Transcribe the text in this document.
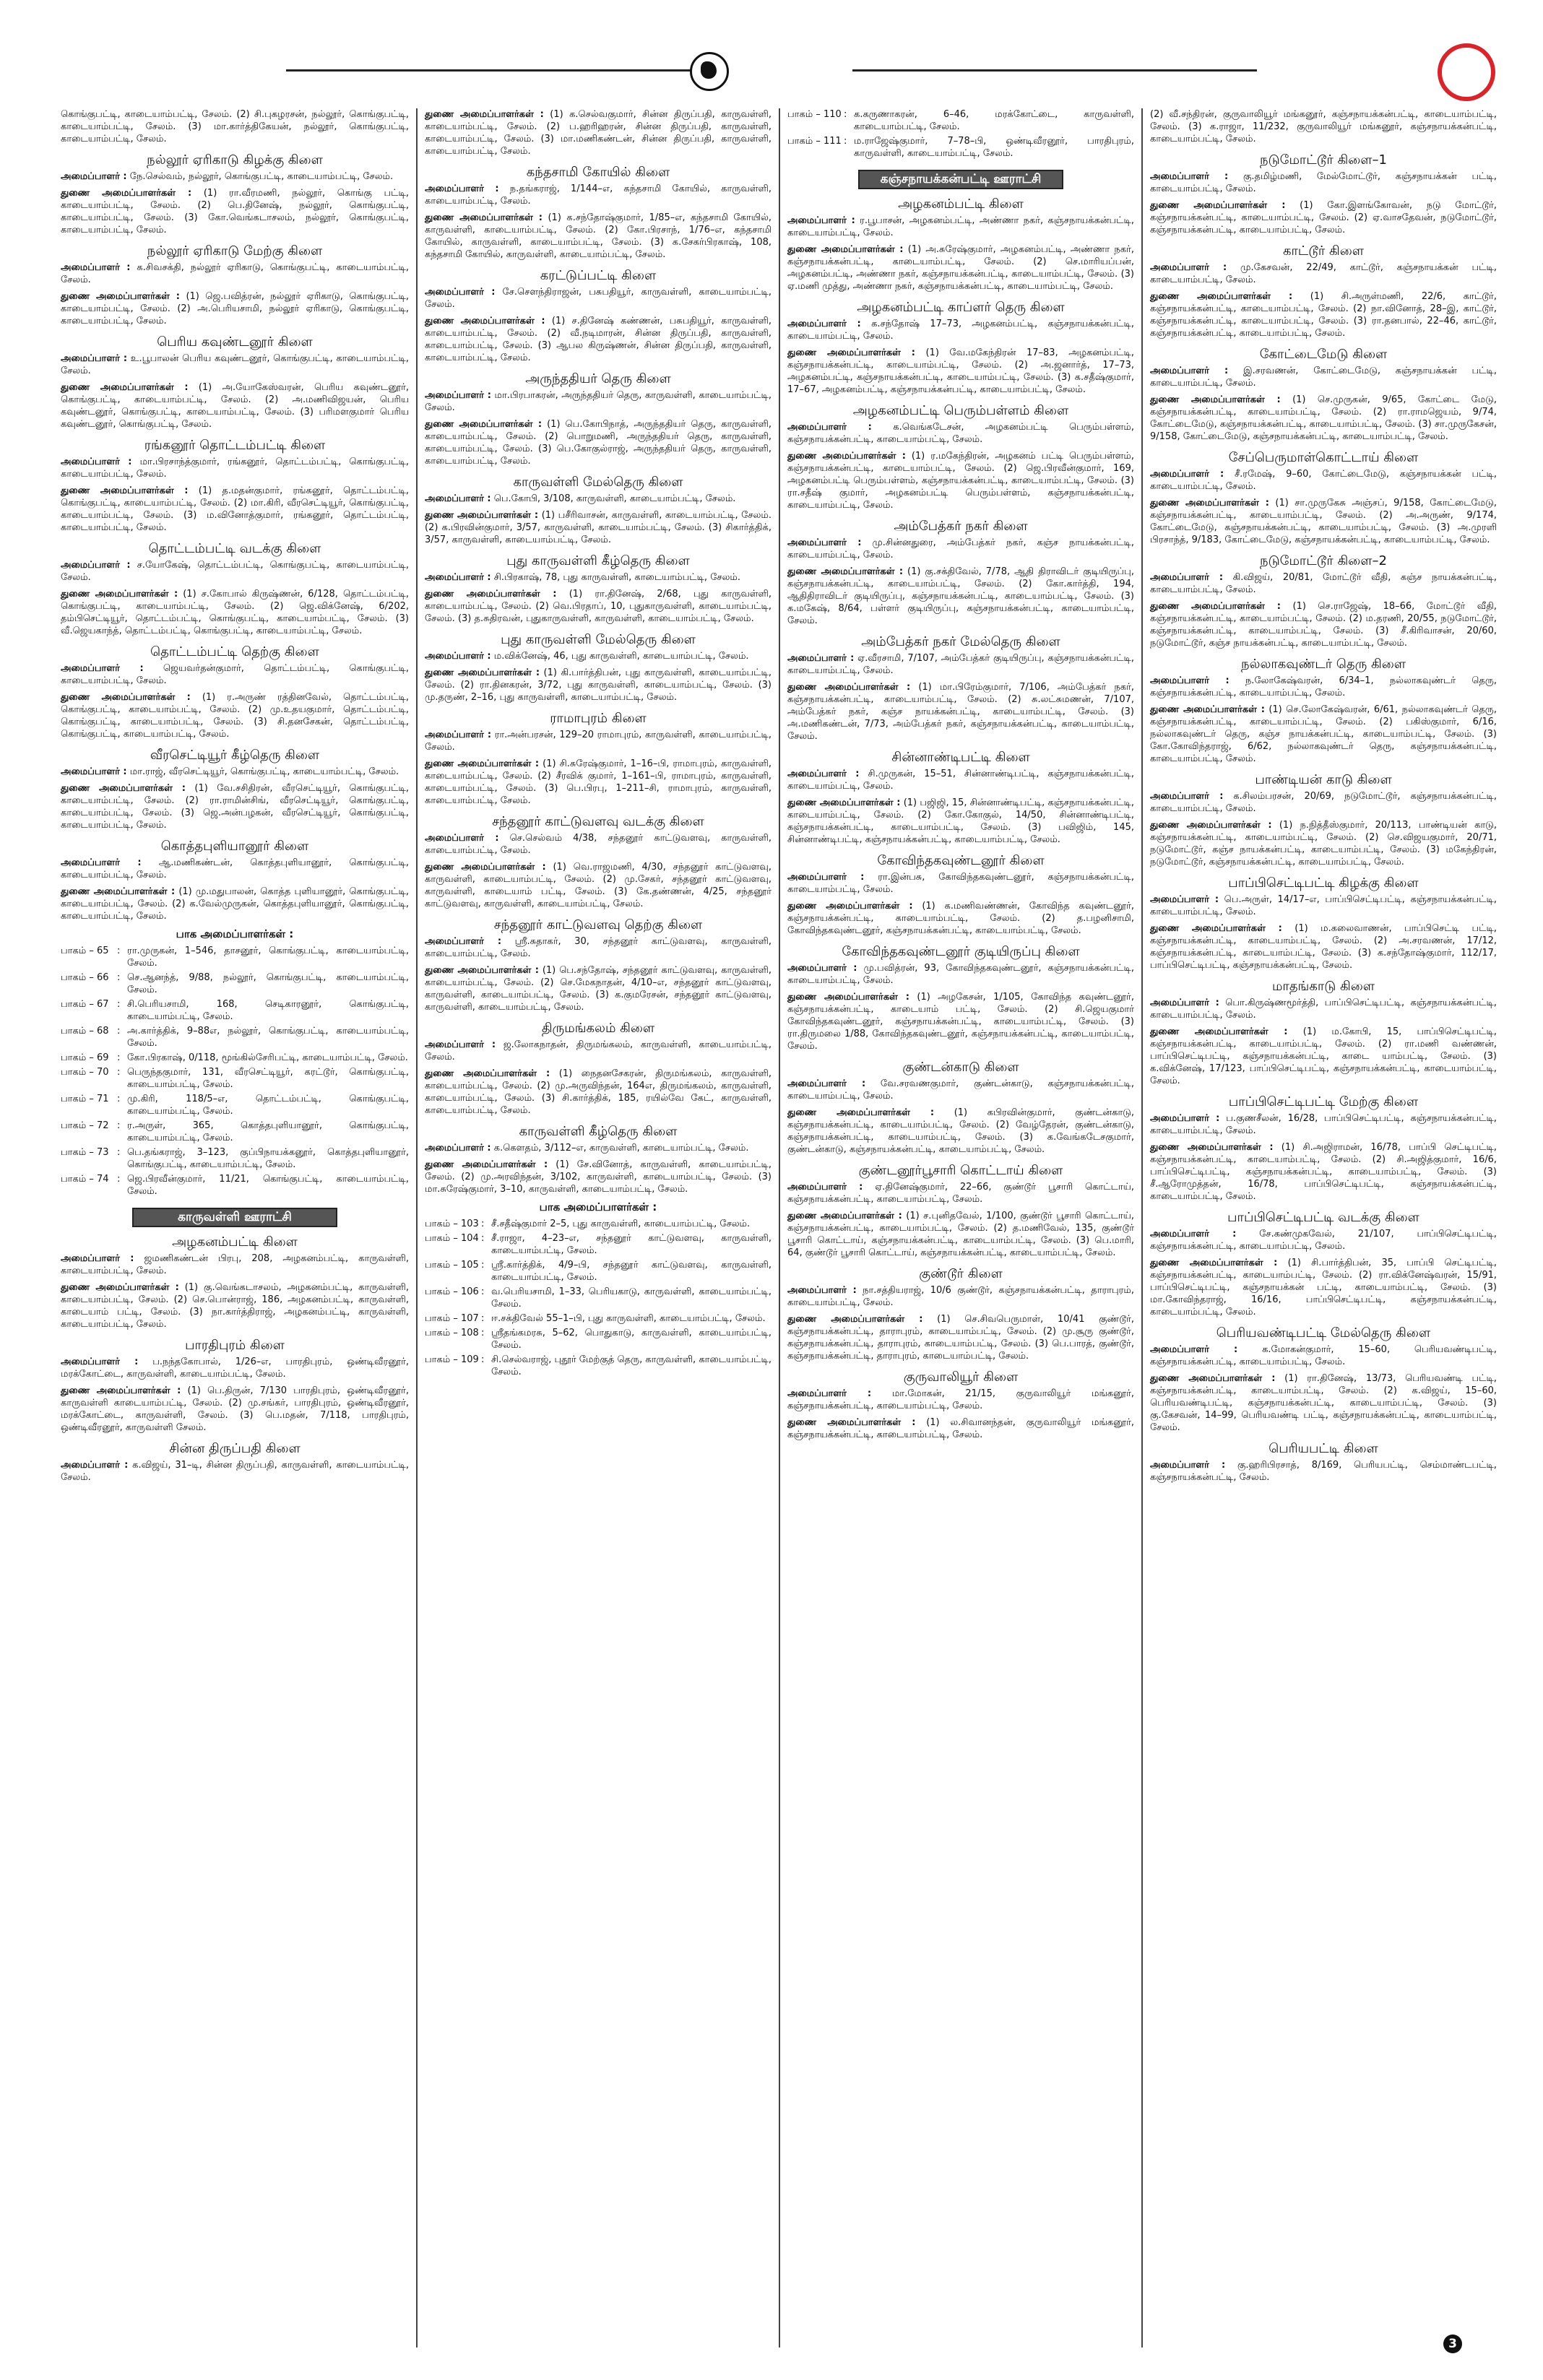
கொங்குபட்டி, காடையாம்பட்டி, சேலம். (2) சி.புகழரசன், நல்லூர், கொங்குபட்டி, காடையாம்பட்டி, சேலம். (3) மா.கார்த்திகேயன், நல்லூர், கொங்குபட்டி, காடையாம்பட்டி, சேலம்.

நல்லூர் ஏரிகாடு கிழக்கு கிளை

அமைப்பாளர் : நே.செல்வம், நல்லூர், கொங்குபட்டி, காடையாம்பட்டி, சேலம்.

துணை அமைப்பாளர்கள் : (1) ரா.வீரமணி, நல்லூர், கொங்கு பட்டி, காடையாம்பட்டி, சேலம். (2) பெ.தினேஷ், நல்லூர், கொங்குபட்டி, காடையாம்பட்டி, சேலம். (3) கோ.வெங்கடாசலம், நல்லூர், கொங்குபட்டி, காடையாம்பட்டி, சேலம்.

நல்லூர் ஏரிகாடு மேற்கு கிளை

அமைப்பாளர் : க.சிவசக்தி, நல்லூர் ஏரிகாடு, கொங்குபட்டி, காடையாம்பட்டி, சேலம்.

துணை அமைப்பாளர்கள் : (1) ஜெ.பவித்ரன், நல்லூர் ஏரிகாடு, கொங்குபட்டி, காடையாம்பட்டி, சேலம். (2) அ.பெரியசாமி, நல்லூர் ஏரிகாடு, கொங்குபட்டி, காடையாம்பட்டி, சேலம்.

பெரிய கவுண்டனூர் கிளை

அமைப்பாளர் : உ.பூபாலன் பெரிய கவுண்டனூர், கொங்குபட்டி, காடையாம்பட்டி, சேலம்.

துணை அமைப்பாளர்கள் : (1) அ.யோகேஸ்வரன், பெரிய கவுண்டனூர், கொங்குபட்டி, காடையாம்பட்டி, சேலம். (2) அ.மணிவிஜயன், பெரிய கவுண்டனூர், கொங்குபட்டி, காடையாம்பட்டி, சேலம். (3) பரிமளகுமார் பெரிய கவுண்டனூர், கொங்குபட்டி, சேலம்.

ரங்கனூர் தொட்டம்பட்டி கிளை

அமைப்பாளர் : மா.பிரசாந்த்குமார், ரங்கனூர், தொட்டம்பட்டி, கொங்குபட்டி, காடையாம்பட்டி, சேலம்.

துணை அமைப்பாளர்கள் : (1) த.மதன்குமார், ரங்கனூர், தொட்டம்பட்டி, கொங்குபட்டி, காடையாம்பட்டி, சேலம். (2) மா.கிரி, வீரசெட்டியூர், கொங்குபட்டி, காடையாம்பட்டி, சேலம். (3) ம.வினோத்குமார், ரங்கனூர், தொட்டம்பட்டி, காடையாம்பட்டி, சேலம்.

தொட்டம்பட்டி வடக்கு கிளை

அமைப்பாளர் : ச.யோகேஷ், தொட்டம்பட்டி, கொங்குபட்டி, காடையாம்பட்டி, சேலம்.

துணை அமைப்பாளர்கள் : (1) ச.கோபால் கிருஷ்ணன், 6/128, தொட்டம்பட்டி, கொங்குபட்டி, காடையாம்பட்டி, சேலம். (2) ஜெ.விக்னேஷ், 6/202, தம்பிசெட்டியூர், தொட்டம்பட்டி, கொங்குபட்டி, காடையாம்பட்டி, சேலம். (3) வீ.ஜெயகாந்த், தொட்டம்பட்டி, கொங்குபட்டி, காடையாம்பட்டி, சேலம்.

தொட்டம்பட்டி தெற்கு கிளை

அமைப்பாளர் : ஜெயவர்தன்குமார், தொட்டம்பட்டி, கொங்குபட்டி, காடையாம்பட்டி, சேலம்.

துணை அமைப்பாளர்கள் : (1) ர.அருண் ரத்தினவேல், தொட்டம்பட்டி, கொங்குபட்டி, காடையாம்பட்டி, சேலம். (2) மு.உதயகுமார், தொட்டம்பட்டி, கொங்குபட்டி, காடையாம்பட்டி, சேலம். (3) சி.தனசேகன், தொட்டம்பட்டி, கொங்குபட்டி, காடையாம்பட்டி, சேலம்.

வீரசெட்டியூர் கீழ்தெரு கிளை

அமைப்பாளர் : மா.ராஜ், வீரசெட்டியூர், கொங்குபட்டி, காடையாம்பட்டி, சேலம்.

துணை அமைப்பாளர்கள் : (1) வே.சசிதிரன், வீரசெட்டியூர், கொங்குபட்டி, காடையாம்பட்டி, சேலம். (2) ரா.ராமின்சிங், வீரசெட்டியூர், கொங்குபட்டி, காடையாம்பட்டி, சேலம். (3) ஜெ.அன்பழகன், வீரசெட்டியூர், கொங்குபட்டி, காடையாம்பட்டி, சேலம்.

கொத்தபுளியானூர் கிளை

அமைப்பாளர் : ஆ.மணிகண்டன், கொத்தபுளியானூர், கொங்குபட்டி, காடையாம்பட்டி, சேலம்.

துணை அமைப்பாளர்கள் : (1) மு.மதுபாலன், கொத்த புளியானூர், கொங்குபட்டி, காடையாம்பட்டி, சேலம். (2) க.வேல்முருகன், கொத்தபுளியானூர், கொங்குபட்டி, காடையாம்பட்டி, சேலம்.

பாக அமைப்பாளர்கள் :
பாகம் – 65 : ரா.முருகன், 1–546, தாசனூர், கொங்குபட்டி, காடையாம்பட்டி, சேலம்.
பாகம் – 66 : செ.ஆனந்த், 9/88, நல்லூர், கொங்குபட்டி, காடையாம்பட்டி, சேலம்.
பாகம் – 67 : சி.பெரியசாமி, 168, செடிகாரனூர், கொங்குபட்டி, காடையாம்பட்டி, சேலம்.
பாகம் – 68 : அ.கார்த்திக், 9–88எ, நல்லூர், கொங்குபட்டி, காடையாம்பட்டி, சேலம்.
பாகம் – 69 : கோ.பிரகாஷ், 0/118, மூங்கில்சேரிபட்டி, காடையாம்பட்டி, சேலம்.
பாகம் – 70 : பெருந்தகுமார், 131, வீரசெட்டியூர், கரட்டூர், கொங்குபட்டி, காடையாம்பட்டி, சேலம்.
பாகம் – 71 : மு.கிரி, 118/5–எ, தொட்டம்பட்டி, கொங்குபட்டி, காடையாம்பட்டி, சேலம்.
பாகம் – 72 : ர.அருள், 365, கொத்தபுளியானூர், கொங்குபட்டி, காடையாம்பட்டி, சேலம்.
பாகம் – 73 : பெ.தங்கராஜ், 3–123, குப்பிநாயக்கனூர், கொத்தபுளியானூர், கொங்குபட்டி, காடையாம்பட்டி, சேலம்.
பாகம் – 74 : ஜெ.பிரவீன்குமார், 11/21, கொங்குபட்டி, காடையாம்பட்டி, சேலம்.
காருவள்ளி ஊராட்சி
அழகனம்பட்டி கிளை

அமைப்பாளர் : ஜமணிகண்டன் பிரபு, 208, அழகனம்பட்டி, காருவள்ளி, காடையாம்பட்டி, சேலம்.

துணை அமைப்பாளர்கள் : (1) கு.வெங்கடாசலம், அழகனம்பட்டி, காருவள்ளி, காடையாம்பட்டி, சேலம். (2) செ.பொன்ராஜ், 186, அழகனம்பட்டி, காருவள்ளி, காடையாம் பட்டி, சேலம். (3) நா.கார்த்திராஜ், அழகனம்பட்டி, காருவள்ளி, காடையாம்பட்டி, சேலம்.

பாரதிபுரம் கிளை

அமைப்பாளர் : ப.நந்தகோபால், 1/26–எ, பாரதிபுரம், ஒண்டிவீரனூர், மரக்கோட்டை, காருவள்ளி, காடையாம்பட்டி, சேலம்.

துணை அமைப்பாளர்கள் : (1) பெ.திருன், 7/130 பாரதிபுரம், ஒண்டிவீரனூர், காருவள்ளி காடையாம்பட்டி, சேலம். (2) மு.சங்கர், பாரதிபுரம், ஒண்டிவீரனூர், மரக்கோட்டை, காருவள்ளி, சேலம். (3) பெ.மதன், 7/118, பாரதிபுரம், ஒண்டிவீரனூர், காருவள்ளி சேலம்.

சின்ன திருப்பதி கிளை

அமைப்பாளர் : க.விஜய், 31–டி, சின்ன திருப்பதி, காருவள்ளி, காடையாம்பட்டி, சேலம்.

துணை அமைப்பாளர்கள் : (1) க.செல்வகுமார், சின்ன திருப்பதி, காருவள்ளி, காடையாம்பட்டி, சேலம். (2) ப.ஹரிஹரன், சின்ன திருப்பதி, காருவள்ளி, காடையாம்பட்டி, சேலம். (3) மா.மணிகண்டன், சின்ன திருப்பதி, காருவள்ளி, காடையாம்பட்டி, சேலம்.

கந்தசாமி கோயில் கிளை

அமைப்பாளர் : ந.தங்கராஜ், 1/144–எ, கந்தசாமி கோயில், காருவள்ளி, காடையாம்பட்டி, சேலம்.

துணை அமைப்பாளர்கள் : (1) க.சந்தோஷ்குமார், 1/85–எ, கந்தசாமி கோயில், காருவள்ளி, காடையாம்பட்டி, சேலம். (2) கோ.பிரசாந், 1/76–எ, கந்தசாமி கோயில், காருவள்ளி, காடையாம்பட்டி, சேலம். (3) க.சேகர்பிரகாஷ், 108, கந்தசாமி கோயில், காருவள்ளி, காடையாம்பட்டி, சேலம்.

கரட்டுப்பட்டி கிளை

அமைப்பாளர் : சே.செளந்திராஜன், பசுபதியூர், காருவள்ளி, காடையாம்பட்டி, சேலம்.

துணை அமைப்பாளர்கள் : (1) ச.தினேஷ் கண்ணன், பசுபதியூர், காருவள்ளி, காடையாம்பட்டி, சேலம். (2) வீ.நடிமாரன், சின்ன திருப்பதி, காருவள்ளி, காடையாம்பட்டி, சேலம். (3) ஆபல கிருஷ்ணன், சின்ன திருப்பதி, காருவள்ளி, காடையாம்பட்டி, சேலம்.

அருந்ததியர் தெரு கிளை

அமைப்பாளர் : மா.பிரபாகரன், அருந்ததியர் தெரு, காருவள்ளி, காடையாம்பட்டி, சேலம்.

துணை அமைப்பாளர்கள் : (1) பெ.கோபிநாத், அருந்ததியர் தெரு, காருவள்ளி, காடையாம்பட்டி, சேலம். (2) பொறுமணி, அருந்ததியர் தெரு, காருவள்ளி, காடையாம்பட்டி, சேலம். (3) பெ.கோகுல்ராஜ், அருந்ததியர் தெரு, காருவள்ளி, காடையாம்பட்டி, சேலம்.

காருவள்ளி மேல்தெரு கிளை

அமைப்பாளர் : பெ.கோபி, 3/108, காருவள்ளி, காடையாம்பட்டி, சேலம்.

துணை அமைப்பாளர்கள் : (1) பசீரிவாசன், காருவள்ளி, காடையாம்பட்டி, சேலம். (2) க.பிரவின்குமார், 3/57, காருவள்ளி, காடையாம்பட்டி, சேலம். (3) சிகார்த்திக், 3/57, காருவள்ளி, காடையாம்பட்டி, சேலம்.

புது காருவள்ளி கீழ்தெரு கிளை

அமைப்பாளர் : சி.பிரகாஷ், 78, புது காருவள்ளி, காடையாம்பட்டி, சேலம்.

துணை அமைப்பாளர்கள் : (1) ரா.தினேஷ், 2/68, புது காருவள்ளி, காடையாம்பட்டி, சேலம். (2) வெ.பிரதாப், 10, புதுகாருவள்ளி, காடையாம்பட்டி, சேலம். (3) த.சுதிரவன், புதுகாருவள்ளி, காருவள்ளி, காடையாம்பட்டி, சேலம்.

புது காருவள்ளி மேல்தெரு கிளை

அமைப்பாளர் : ம.விக்னேஷ், 46, புது காருவள்ளி, காடையாம்பட்டி, சேலம்.

துணை அமைப்பாளர்கள் : (1) கி.பார்த்திபன், புது காருவள்ளி, காடையாம்பட்டி, சேலம். (2) ரா.தினகரன், 3/72, புது காருவள்ளி, காடையாம்பட்டி, சேலம். (3) மு.தருண், 2–16, புது காருவள்ளி, காடையாம்பட்டி, சேலம்.

ராமாபுரம் கிளை

அமைப்பாளர் : ரா.அன்பரசன், 129–20 ராமாபுரம், காருவள்ளி, காடையாம்பட்டி, சேலம்.

துணை அமைப்பாளர்கள் : (1) சி.சுரேஷ்குமார், 1–16–பி, ராமாபுரம், காருவள்ளி, காடையாம்பட்டி, சேலம். (2) சீரவிக் குமார், 1–161–பி, ராமாபுரம், காருவள்ளி, காடையாம்பட்டி, சேலம். (3) பெ.பிரபு, 1–211–சி, ராமாபுரம், காருவள்ளி, காடையாம்பட்டி, சேலம்.

சந்தனூர் காட்டுவளவு வடக்கு கிளை

அமைப்பாளர் : செ.செல்வம் 4/38, சந்தனூர் காட்டுவளவு, காருவள்ளி, காடையாம்பட்டி, சேலம்.

துணை அமைப்பாளர்கள் : (1) வெ.ராஜமணி, 4/30, சந்தனூர் காட்டுவளவு, காருவள்ளி, காடையாம்பட்டி, சேலம். (2) மு.சேகர், சந்தனூர் காட்டுவளவு, காருவள்ளி, காடையாம் பட்டி, சேலம். (3) கே.தண்ணன், 4/25, சந்தனூர் காட்டுவளவு, காருவள்ளி, காடையாம்பட்டி, சேலம்.

சந்தனூர் காட்டுவளவு தெற்கு கிளை

அமைப்பாளர் : ஸ்ரீ.சுதாகர், 30, சந்தனூர் காட்டுவளவு, காருவள்ளி, காடையாம்பட்டி, சேலம்.

துணை அமைப்பாளர்கள் : (1) பெ.சந்தோஷ், சந்தனூர் காட்டுவளவு, காருவள்ளி, காடையாம்பட்டி, சேலம். (2) செ.மேகநாதன், 4/10–எ, சந்தனூர் காட்டுவளவு, காருவள்ளி, காடையாம்பட்டி, சேலம். (3) க.குமரேசன், சந்தனூர் காட்டுவளவு, காருவள்ளி, காடையாம்பட்டி, சேலம்.

திருமங்கலம் கிளை

அமைப்பாளர் : ஜ.லோகநாதன், திருமங்கலம், காருவள்ளி, காடையாம்பட்டி, சேலம்.

துணை அமைப்பாளர்கள் : (1) நைதனசேகரன், திருமங்கலம், காருவள்ளி, காடையாம்பட்டி, சேலம். (2) மு.அருவிந்தன், 164எ, திருமங்கலம், காருவள்ளி, காடையாம்பட்டி, சேலம். (3) சி.கார்த்திக், 185, ரயில்வே கேட், காருவள்ளி, காடையாம்பட்டி, சேலம்.

காருவள்ளி கீழ்தெரு கிளை

அமைப்பாளர் : க.கௌதம், 3/112–எ, காருவள்ளி, காடையாம்பட்டி, சேலம்.

துணை அமைப்பாளர்கள் : (1) சே.வினோத், காருவள்ளி, காடையாம்பட்டி, சேலம். (2) மு.அரவிந்தன், 3/102, காருவள்ளி, காடையாம்பட்டி, சேலம். (3) மா.சுரேஷ்குமார், 3–10, காருவள்ளி, காடையாம்பட்டி, சேலம்.

பாக அமைப்பாளர்கள் :
பாகம் – 103 : சீ.சதீஷ்குமார் 2–5, புது காருவள்ளி, காடையாம்பட்டி, சேலம்.
பாகம் – 104 : சீ.ராஜா, 4–23–எ, சந்தனூர் காட்டுவளவு, காருவள்ளி, காடையாம்பட்டி, சேலம்.
பாகம் – 105 : ஸ்ரீ.கார்த்திக், 4/9–பி, சந்தனூர் காட்டுவளவு, காருவள்ளி, காடையாம்பட்டி, சேலம்.
பாகம் – 106 : வ.பெரியசாமி, 1–33, பெரியகாடு, காருவள்ளி, காடையாம்பட்டி, சேலம்.
பாகம் – 107 : ஈ.சக்திவேல் 55–1–பி, புது காருவள்ளி, காடையாம்பட்டி, சேலம்.
பாகம் – 108 : ஸ்ரீதங்கமரசு, 5–62, பொதுகாடு, காருவள்ளி, காடையாம்பட்டி, சேலம்.
பாகம் – 109 : சி.செல்வராஜ், புதூர் மேற்குத் தெரு, காருவள்ளி, காடையாம்பட்டி, சேலம்.
பாகம் – 110 : க.கருணாகரன், 6–46, மரக்கோட்டை, காருவள்ளி, காடையாம்பட்டி, சேலம்.
பாகம் – 111 : ம.ராஜேஷ்குமார், 7–78–பி, ஒண்டிவீரனூர், பாரதிபுரம், காருவள்ளி, காடையாம்பட்டி, சேலம்.
கஞ்சநாயக்கன்பட்டி ஊராட்சி
அழகனம்பட்டி கிளை

அமைப்பாளர் : ர.பூபாசன், அழகனம்பட்டி, அண்ணா நகர், கஞ்சநாயக்கன்பட்டி, காடையாம்பட்டி, சேலம்.

துணை அமைப்பாளர்கள் : (1) அ.சுரேஷ்குமார், அழகனம்பட்டி, அண்ணா நகர், கஞ்சநாயக்கன்பட்டி, காடையாம்பட்டி, சேலம். (2) செ.மாரியப்பன், அழகனம்பட்டி, அண்ணா நகர், கஞ்சநாயக்கன்பட்டி, காடையாம்பட்டி, சேலம். (3) ஏ.மணி முத்து, அண்ணா நகர், கஞ்சநாயக்கன்பட்டி, காடையாம்பட்டி, சேலம்.

அழகனம்பட்டி காப்ளர் தெரு கிளை

அமைப்பாளர் : க.சந்தோஷ் 17–73, அழகனம்பட்டி, கஞ்சநாயக்கன்பட்டி, காடையாம்பட்டி, சேலம்.

துணை அமைப்பாளர்கள் : (1) வே.மகேந்திரன் 17–83, அழகனம்பட்டி, கஞ்சநாயக்கன்பட்டி, காடையாம்பட்டி, சேலம். (2) அ.ஜனார்த், 17–73, அழகனம்பட்டி, கஞ்சநாயக்கன்பட்டி, காடையாம்பட்டி, சேலம். (3) க.சதீஷ்குமார், 17–67, அழகனம்பட்டி, கஞ்சநாயக்கன்பட்டி, காடையாம்பட்டி, சேலம்.

அழகனம்பட்டி பெரும்பள்ளம் கிளை

அமைப்பாளர் : க.வெங்கடேசன், அழகனம்பட்டி பெரும்பள்ளம், கஞ்சநாயக்கன்பட்டி, காடையாம்பட்டி, சேலம்.

துணை அமைப்பாளர்கள் : (1) ர.மகேந்திரன், அழகனம் பட்டி பெரும்பள்ளம், கஞ்சநாயக்கன்பட்டி, காடையாம்பட்டி, சேலம். (2) ஜெ.பிரவீன்குமார், 169, அழகனம்பட்டி பெரும்பள்ளம், கஞ்சநாயக்கன்பட்டி, காடையாம்பட்டி, சேலம். (3) ரா.சதீஷ் குமார், அழகனம்பட்டி பெரும்பள்ளம், கஞ்சநாயக்கன்பட்டி, காடையாம்பட்டி, சேலம்.

அம்பேத்கர் நகர் கிளை

அமைப்பாளர் : மு.சின்னதுரை, அம்பேத்கர் நகர், கஞ்ச நாயக்கன்பட்டி, காடையாம்பட்டி, சேலம்.

துணை அமைப்பாளர்கள் : (1) கு.சக்திவேல், 7/78, ஆதி திராவிடர் குடியிருப்பு, கஞ்சநாயக்கன்பட்டி, காடையாம்பட்டி, சேலம். (2) கோ.கார்த்தி, 194, ஆதிதிராவிடர் குடியிருப்பு, கஞ்சநாயக்கன்பட்டி, காடையாம்பட்டி, சேலம். (3) க.மகேஷ், 8/64, பள்ளர் குடியிருப்பு, கஞ்சநாயக்கன்பட்டி, காடையாம்பட்டி, சேலம்.

அம்பேத்கர் நகர் மேல்தெரு கிளை

அமைப்பாளர் : ஏ.வீரசாமி, 7/107, அம்பேத்கர் குடியிருப்பு, கஞ்சநாயக்கன்பட்டி, காடையாம்பட்டி, சேலம்.

துணை அமைப்பாளர்கள் : (1) மா.பிரேம்குமார், 7/106, அம்பேத்கர் நகர், கஞ்சநாயக்கன்பட்டி, காடையாம்பட்டி, சேலம். (2) சு.லட்சுமணன், 7/107, அம்பேத்கர் நகர், கஞ்ச நாயக்கன்பட்டி, காடையாம்பட்டி, சேலம். (3) அ.மணிகண்டன், 7/73, அம்பேத்கர் நகர், கஞ்சநாயக்கன்பட்டி, காடையாம்பட்டி, சேலம்.

சின்னாண்டிபட்டி கிளை

அமைப்பாளர் : சி.முருகன், 15–51, சின்னாண்டிபட்டி, கஞ்சநாயக்கன்பட்டி, காடையாம்பட்டி, சேலம்.

துணை அமைப்பாளர்கள் : (1) பஜிஜி, 15, சின்னாண்டிபட்டி, கஞ்சநாயக்கன்பட்டி, காடையாம்பட்டி, சேலம். (2) கோ.கோகுல், 14/50, சின்னாண்டிபட்டி, கஞ்சநாயக்கன்பட்டி, காடையாம்பட்டி, சேலம். (3) பவிஜிம், 145, சின்னாண்டிபட்டி, கஞ்சநாயக்கன்பட்டி, காடையாம்பட்டி, சேலம்.

கோவிந்தகவுண்டனூர் கிளை

அமைப்பாளர் : ரா.இன்பசு, கோவிந்தகவுண்டனூர், கஞ்சநாயக்கன்பட்டி, காடையாம்பட்டி, சேலம்.

துணை அமைப்பாளர்கள் : (1) க.மணிவண்ணன், கோவிந்த கவுண்டனூர், கஞ்சநாயக்கன்பட்டி, காடையாம்பட்டி, சேலம். (2) த.பழனிசாமி, கோவிந்தகவுண்டனூர், கஞ்சநாயக்கன்பட்டி, காடையாம்பட்டி, சேலம்.

கோவிந்தகவுண்டனூர் குடியிருப்பு கிளை

அமைப்பாளர் : மு.பவித்ரன், 93, கோவிந்தகவுண்டனூர், கஞ்சநாயக்கன்பட்டி, காடையாம்பட்டி, சேலம்.

துணை அமைப்பாளர்கள் : (1) அழகேசன், 1/105, கோவிந்த கவுண்டனூர், கஞ்சநாயக்கன்பட்டி, காடையாம் பட்டி, சேலம். (2) சி.ஜெயகுமார் கோவிந்தகவுண்டனூர், கஞ்சநாயக்கன்பட்டி, காடையாம்பட்டி, சேலம். (3) ரா.திருமலை 1/88, கோவிந்தகவுண்டனூர், கஞ்சநாயக்கன்பட்டி, காடையாம்பட்டி, சேலம்.

குண்டன்காடு கிளை

அமைப்பாளர் : வே.சரவணகுமார், குண்டன்காடு, கஞ்சநாயக்கன்பட்டி, காடையாம்பட்டி, சேலம்.

துணை அமைப்பாளர்கள் : (1) கபிரவின்குமார், குண்டன்காடு, கஞ்சநாயக்கன்பட்டி, காடையாம்பட்டி, சேலம். (2) வேழ்தேரன், குண்டன்காடு, கஞ்சநாயக்கன்பட்டி, காடையாம்பட்டி, சேலம். (3) க.வேங்கடேசகுமார், குண்டன்காடு, கஞ்சநாயக்கன்பட்டி, காடையாம்பட்டி, சேலம்.

குண்டனூர்பூசாரி கொட்டாய் கிளை

அமைப்பாளர் : ஏ.தினேஷ்குமார், 22–66, குண்டூர் பூசாரி கொட்டாய், கஞ்சநாயக்கன்பட்டி, காடையாம்பட்டி, சேலம்.

துணை அமைப்பாளர்கள் : (1) ச.புனிதவேல், 1/100, குண்டூர் பூசாரி கொட்டாய், கஞ்சநாயக்கன்பட்டி, காடையாம்பட்டி, சேலம். (2) த.மணிவேல், 135, குண்டூர் பூசாரி கொட்டாய், கஞ்சநாயக்கன்பட்டி, காடையாம்பட்டி, சேலம். (3) பெ.மாரி, 64, குண்டூர் பூசாரி கொட்டாய், கஞ்சநாயக்கன்பட்டி, காடையாம்பட்டி, சேலம்.

குண்டூர் கிளை

அமைப்பாளர் : நா.சத்தியராஜ், 10/6 குண்டூர், கஞ்சநாயக்கன்பட்டி, தாராபுரம், காடையாம்பட்டி, சேலம்.

துணை அமைப்பாளர்கள் : (1) செ.சிவபெருமாள், 10/41 குண்டூர், கஞ்சநாயக்கன்பட்டி, தாராபுரம், காடையாம்பட்டி, சேலம். (2) மு.சூரு குண்டூர், கஞ்சநாயக்கன்பட்டி, தாராபுரம், காடையாம்பட்டி, சேலம். (3) பெ.பாரத், குண்டூர், கஞ்சநாயக்கன்பட்டி, தாராபுரம், காடையாம்பட்டி, சேலம்.

குருவாலியூர் கிளை

அமைப்பாளர் : மா.மோகன், 21/15, குருவாலியூர் மங்கனூர், கஞ்சநாயக்கன்பட்டி, காடையாம்பட்டி, சேலம்.

துணை அமைப்பாளர்கள் : (1) ல.சிவானந்தன், குருவாலியூர் மங்கனூர், கஞ்சநாயக்கன்பட்டி, காடையாம்பட்டி, சேலம்.

(2) வீ.சந்திரன், குருவாலியூர் மங்கனூர், கஞ்சநாயக்கன்பட்டி, காடையாம்பட்டி, சேலம். (3) க.ராஜா, 11/232, குருவாலியூர் மங்கனூர், கஞ்சநாயக்கன்பட்டி, காடையாம்பட்டி, சேலம்.

நடுமோட்டூர் கிளை–1

அமைப்பாளர் : கு.தமிழ்மணி, மேல்மோட்டூர், கஞ்சநாயக்கன் பட்டி, காடையாம்பட்டி, சேலம்.

துணை அமைப்பாளர்கள் : (1) கோ.இளங்கோவன், நடு மோட்டூர், கஞ்சநாயக்கன்பட்டி, காடையாம்பட்டி, சேலம். (2) ஏ.வாசதேவன், நடுமோட்டூர், கஞ்சநாயக்கன்பட்டி, காடையாம்பட்டி, சேலம்.

காட்டூர் கிளை

அமைப்பாளர் : மு.கேசவன், 22/49, காட்டூர், கஞ்சநாயக்கன் பட்டி, காடையாம்பட்டி, சேலம்.

துணை அமைப்பாளர்கள் : (1) சி.அருள்மணி, 22/6, காட்டூர், கஞ்சநாயக்கன்பட்டி, காடையாம்பட்டி, சேலம். (2) நா.வினோத், 28–இ, காட்டூர், கஞ்சநாயக்கன்பட்டி, காடையாம்பட்டி, சேலம். (3) ரா.தனபால், 22–46, காட்டூர், கஞ்சநாயக்கன்பட்டி, காடையாம்பட்டி, சேலம்.

கோட்டைமேடு கிளை

அமைப்பாளர் : இ.சரவணன், கோட்டைமேடு, கஞ்சநாயக்கன் பட்டி, காடையாம்பட்டி, சேலம்.

துணை அமைப்பாளர்கள் : (1) செ.முருகன், 9/65, கோட்டை மேடு, கஞ்சநாயக்கன்பட்டி, காடையாம்பட்டி, சேலம். (2) ரா.ராமஜெயம், 9/74, கோட்டைமேடு, கஞ்சநாயக்கன்பட்டி, காடையாம்பட்டி, சேலம். (3) சா.முருகேசன், 9/158, கோட்டைமேடு, கஞ்சநாயக்கன்பட்டி, காடையாம்பட்டி, சேலம்.

சேப்பெருமாள்கொட்டாய் கிளை

அமைப்பாளர் : சீ.ரமேஷ், 9–60, கோட்டைமேடு, கஞ்சநாயக்கன் பட்டி, காடையாம்பட்டி, சேலம்.

துணை அமைப்பாளர்கள் : (1) சா.முருகேசு அஞ்சப், 9/158, கோட்டைமேடு, கஞ்சநாயக்கன்பட்டி, காடையாம்பட்டி, சேலம். (2) அ.அருண், 9/174, கோட்டைமேடு, கஞ்சநாயக்கன்பட்டி, காடையாம்பட்டி, சேலம். (3) அ.முரளி பிரசாந்த், 9/183, கோட்டைமேடு, கஞ்சநாயக்கன்பட்டி, காடையாம்பட்டி, சேலம்.

நடுமோட்டூர் கிளை–2

அமைப்பாளர் : கி.விஜய், 20/81, மோட்டூர் வீதி, கஞ்ச நாயக்கன்பட்டி, காடையாம்பட்டி, சேலம்.

துணை அமைப்பாளர்கள் : (1) செ.ராஜேஷ், 18–66, மோட்டூர் வீதி, கஞ்சநாயக்கன்பட்டி, காடையாம்பட்டி, சேலம். (2) ம.தரணி, 20/55, நடுமோட்டூர், கஞ்சநாயக்கன்பட்டி, காடையாம்பட்டி, சேலம். (3) சீ.கிரிவாசன், 20/60, நடுமோட்டூர், கஞ்ச நாயக்கன்பட்டி, காடையாம்பட்டி, சேலம்.

நல்லாகவுண்டர் தெரு கிளை

அமைப்பாளர் : ந.லோகேஷ்வரன், 6/34–1, நல்லாகவுண்டர் தெரு, கஞ்சநாயக்கன்பட்டி, காடையாம்பட்டி, சேலம்.

துணை அமைப்பாளர்கள் : (1) செ.லோகேஷ்வரன், 6/61, நல்லாகவுண்டர் தெரு, கஞ்சநாயக்கன்பட்டி, காடையாம்பட்டி, சேலம். (2) பகிஸ்குமார், 6/16, நல்லாகவுண்டர் தெரு, கஞ்ச நாயக்கன்பட்டி, காடையாம்பட்டி, சேலம். (3) கோ.கோவிந்தராஜ், 6/62, நல்லாகவுண்டர் தெரு, கஞ்சநாயக்கன்பட்டி, காடையாம்பட்டி, சேலம்.

பாண்டியன் காடு கிளை

அமைப்பாளர் : க.சிலம்பரசன், 20/69, நடுமோட்டூர், கஞ்சநாயக்கன்பட்டி, காடையாம்பட்டி, சேலம்.

துணை அமைப்பாளர்கள் : (1) ந.நித்தீஸ்குமார், 20/113, பாண்டியன் காடு, கஞ்சநாயக்கன்பட்டி, காடையாம்பட்டி, சேலம். (2) செ.விஜயகுமார், 20/71, நடுமோட்டூர், கஞ்ச நாயக்கன்பட்டி, காடையாம்பட்டி, சேலம். (3) மகேந்திரன், நடுமோட்டூர், கஞ்சநாயக்கன்பட்டி, காடையாம்பட்டி, சேலம்.

பாப்பிசெட்டிபட்டி கிழக்கு கிளை

அமைப்பாளர் : பெ.அருள், 14/17–எ, பாப்பிசெட்டிபட்டி, கஞ்சநாயக்கன்பட்டி, காடையாம்பட்டி, சேலம்.

துணை அமைப்பாளர்கள் : (1) ம.கலைவாணன், பாப்பிசெட்டி பட்டி, கஞ்சநாயக்கன்பட்டி, காடையாம்பட்டி, சேலம். (2) அ.சரவணன், 17/12, கஞ்சநாயக்கன்பட்டி, காடையாம்பட்டி, சேலம். (3) க.சந்தோஷ்குமார், 112/17, பாப்பிசெட்டிபட்டி, கஞ்சநாயக்கன்பட்டி, சேலம்.

மாதங்காடு கிளை

அமைப்பாளர் : பொ.கிருஷ்ணமூர்த்தி, பாப்பிசெட்டிபட்டி, கஞ்சநாயக்கன்பட்டி, காடையாம்பட்டி, சேலம்.

துணை அமைப்பாளர்கள் : (1) ம.கோபி, 15, பாப்பிசெட்டிபட்டி, கஞ்சநாயக்கன்பட்டி, காடையாம்பட்டி, சேலம். (2) ரா.மணி வண்ணன், பாப்பிசெட்டிபட்டி, கஞ்சநாயக்கன்பட்டி, காடை யாம்பட்டி, சேலம். (3) க.விக்னேஷ், 17/123, பாப்பிசெட்டிபட்டி, கஞ்சநாயக்கன்பட்டி, காடையாம்பட்டி, சேலம்.

பாப்பிசெட்டிபட்டி மேற்கு கிளை

அமைப்பாளர் : ப.குணசீலன், 16/28, பாப்பிசெட்டிபட்டி, கஞ்சநாயக்கன்பட்டி, காடையாம்பட்டி, சேலம்.

துணை அமைப்பாளர்கள் : (1) சி.அஜிராமன், 16/78, பாப்பி செட்டிபட்டி, கஞ்சநாயக்கன்பட்டி, காடையாம்பட்டி, சேலம். (2) சி.அஜித்குமார், 16/6, பாப்பிசெட்டிபட்டி, கஞ்சநாயக்கன்பட்டி, காடையாம்பட்டி, சேலம். (3) சீ.ஆரோமுத்தன், 16/78, பாப்பிசெட்டிபட்டி, கஞ்சநாயக்கன்பட்டி, காடையாம்பட்டி, சேலம்.

பாப்பிசெட்டிபட்டி வடக்கு கிளை

அமைப்பாளர் : சே.கண்முகவேல், 21/107, பாப்பிசெட்டிபட்டி, கஞ்சநாயக்கன்பட்டி, காடையாம்பட்டி, சேலம்.

துணை அமைப்பாளர்கள் : (1) சி.பார்த்திபன், 35, பாப்பி செட்டிபட்டி, கஞ்சநாயக்கன்பட்டி, காடையாம்பட்டி, சேலம். (2) ரா.விக்னேஷ்வரன், 15/91, பாப்பிசெட்டிபட்டி, கஞ்சநாயக்கன் பட்டி, காடையாம்பட்டி, சேலம். (3) மா.கோவிந்தராஜ், 16/16, பாப்பிசெட்டிபட்டி, கஞ்சநாயக்கன்பட்டி, காடையாம்பட்டி, சேலம்.

பெரியவண்டிபட்டி மேல்தெரு கிளை

அமைப்பாளர் :	க.மோகன்குமார், 15–60, பெரியவண்டிபட்டி, கஞ்சநாயக்கன்பட்டி, காடையாம்பட்டி, சேலம்.

துணை அமைப்பாளர்கள் : (1) ரா.தினேஷ், 13/73, பெரியவண்டி பட்டி, கஞ்சநாயக்கன்பட்டி, காடையாம்பட்டி, சேலம். (2) க.விஜய், 15–60, பெரியவண்டிபட்டி, கஞ்சநாயக்கன்பட்டி, காடையாம்பட்டி, சேலம். (3) கு.கேசவன், 14–99, பெரியவண்டி பட்டி, கஞ்சநாயக்கன்பட்டி, காடையாம்பட்டி, சேலம்.

பெரியபட்டி கிளை

அமைப்பாளர் : கு.ஹரிபிரசாத், 8/169, பெரியபட்டி, செம்மாண்டபட்டி, கஞ்சநாயக்கன்பட்டி, சேலம்.

3
